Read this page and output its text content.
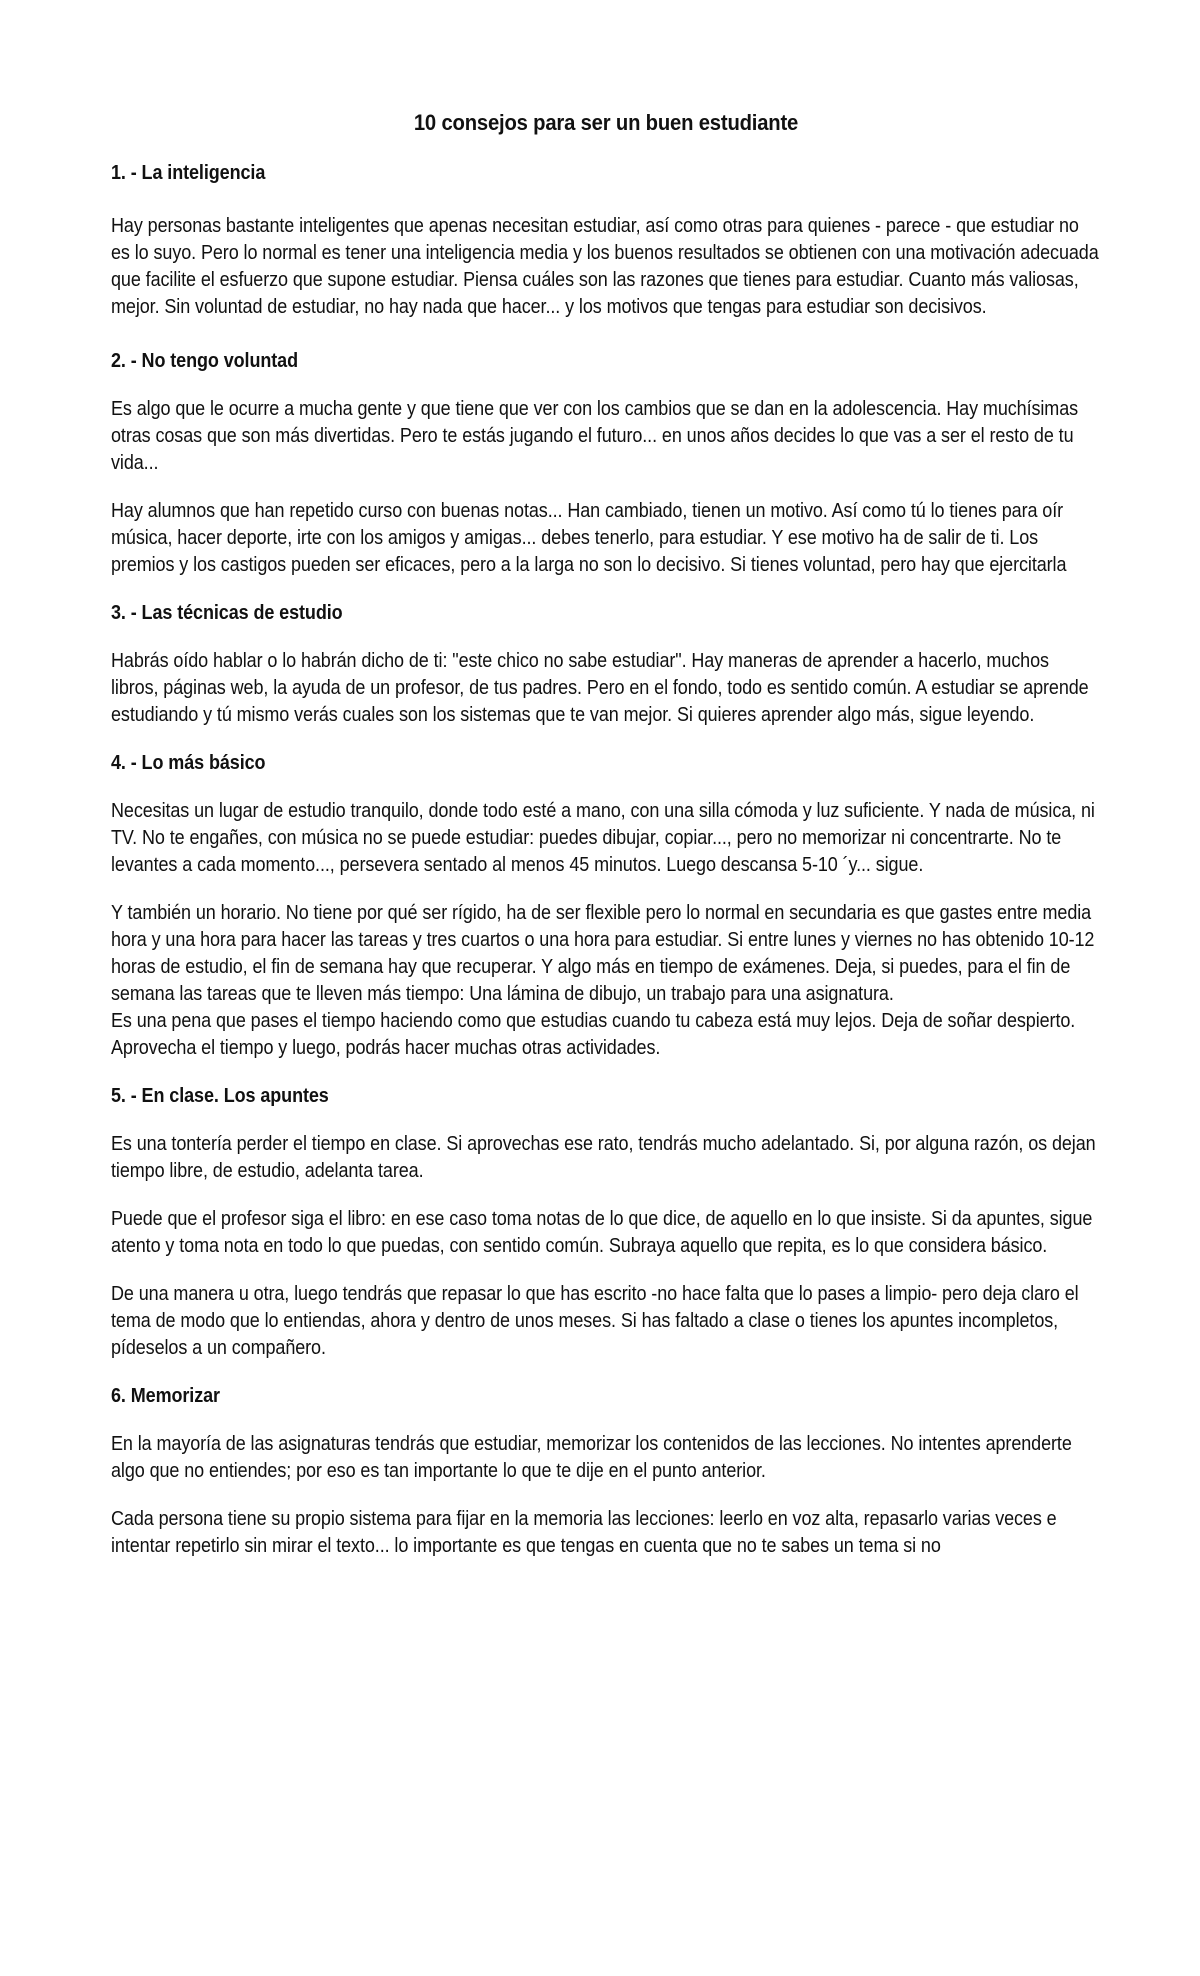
10 consejos para ser un buen estudiante
1. - La inteligencia
Hay personas bastante inteligentes que apenas necesitan estudiar, así como otras para quienes - parece - que estudiar no es lo suyo. Pero lo normal es tener una inteligencia media y los buenos resultados se obtienen con una motivación adecuada que facilite el esfuerzo que supone estudiar. Piensa cuáles son las razones que tienes para estudiar. Cuanto más valiosas, mejor. Sin voluntad de estudiar, no hay nada que hacer... y los motivos que tengas para estudiar son decisivos.
2. - No tengo voluntad
Es algo que le ocurre a mucha gente y que tiene que ver con los cambios que se dan en la adolescencia. Hay muchísimas otras cosas que son más divertidas. Pero te estás jugando el futuro... en unos años decides lo que vas a ser el resto de tu vida...
Hay alumnos que han repetido curso con buenas notas... Han cambiado, tienen un motivo. Así como tú lo tienes para oír música, hacer deporte, irte con los amigos y amigas... debes tenerlo, para estudiar. Y ese motivo ha de salir de ti. Los premios y los castigos pueden ser eficaces, pero a la larga no son lo decisivo. Si tienes voluntad, pero hay que ejercitarla
3. - Las técnicas de estudio
Habrás oído hablar o lo habrán dicho de ti: "este chico no sabe estudiar". Hay maneras de aprender a hacerlo, muchos libros, páginas web, la ayuda de un profesor, de tus padres. Pero en el fondo, todo es sentido común. A estudiar se aprende estudiando y tú mismo verás cuales son los sistemas que te van mejor. Si quieres aprender algo más, sigue leyendo.
4. - Lo más básico
Necesitas un lugar de estudio tranquilo, donde todo esté a mano, con una silla cómoda y luz suficiente. Y nada de música, ni TV. No te engañes, con música no se puede estudiar: puedes dibujar, copiar..., pero no memorizar ni concentrarte. No te levantes a cada momento..., persevera sentado al menos 45 minutos. Luego descansa 5-10 ´y... sigue.
Y también un horario. No tiene por qué ser rígido, ha de ser flexible pero lo normal en secundaria es que gastes entre media hora y una hora para hacer las tareas y tres cuartos o una hora para estudiar. Si entre lunes y viernes no has obtenido 10-12 horas de estudio, el fin de semana hay que recuperar. Y algo más en tiempo de exámenes. Deja, si puedes, para el fin de semana las tareas que te lleven más tiempo: Una lámina de dibujo, un trabajo para una asignatura.
Es una pena que pases el tiempo haciendo como que estudias cuando tu cabeza está muy lejos. Deja de soñar despierto. Aprovecha el tiempo y luego, podrás hacer muchas otras actividades.
5. - En clase. Los apuntes
Es una tontería perder el tiempo en clase. Si aprovechas ese rato, tendrás mucho adelantado. Si, por alguna razón, os dejan tiempo libre, de estudio, adelanta tarea.
Puede que el profesor siga el libro: en ese caso toma notas de lo que dice, de aquello en lo que insiste. Si da apuntes, sigue atento y toma nota en todo lo que puedas, con sentido común. Subraya aquello que repita, es lo que considera básico.
De una manera u otra, luego tendrás que repasar lo que has escrito -no hace falta que lo pases a limpio- pero deja claro el tema de modo que lo entiendas, ahora y dentro de unos meses. Si has faltado a clase o tienes los apuntes incompletos, pídeselos a un compañero.
6. Memorizar
En la mayoría de las asignaturas tendrás que estudiar, memorizar los contenidos de las lecciones. No intentes aprenderte algo que no entiendes; por eso es tan importante lo que te dije en el punto anterior.
Cada persona tiene su propio sistema para fijar en la memoria las lecciones: leerlo en voz alta, repasarlo varias veces e intentar repetirlo sin mirar el texto... lo importante es que tengas en cuenta que no te sabes un tema si no
